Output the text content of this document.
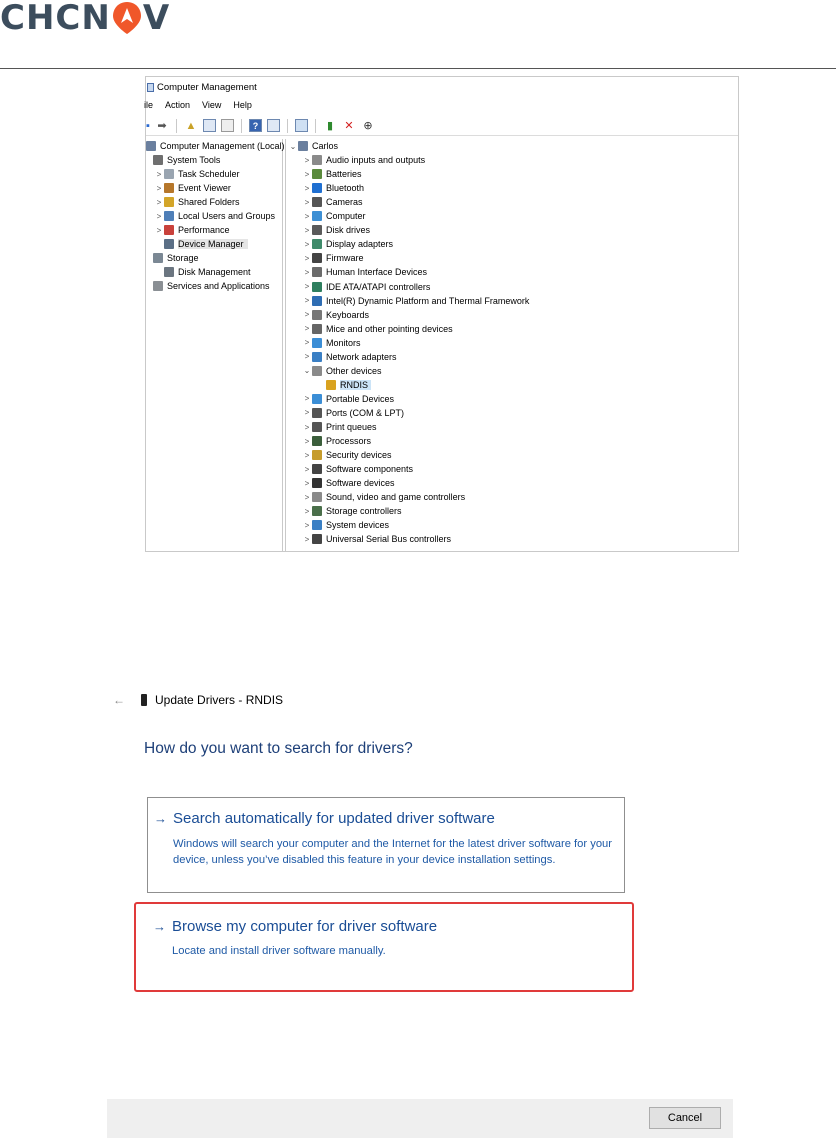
CHCN V
Computer Management
ile Action View Help
▪ ➡ ▲	?	▮	✕ ⊕
Computer Management (Local)
System Tools
> Task Scheduler
> Event Viewer
> Shared Folders
> Local Users and Groups
> Performance
Device Manager
Storage
Disk Management
Services and Applications
⌄ Carlos
> Audio inputs and outputs
> Batteries
> Bluetooth
> Cameras
> Computer
> Disk drives
> Display adapters
> Firmware
> Human Interface Devices
> IDE ATA/ATAPI controllers
> Intel(R) Dynamic Platform and Thermal Framework
> Keyboards
> Mice and other pointing devices
> Monitors
> Network adapters
⌄ Other devices
RNDIS
> Portable Devices
> Ports (COM & LPT)
> Print queues
> Processors
> Security devices
> Software components
> Software devices
> Sound, video and game controllers
> Storage controllers
> System devices
> Universal Serial Bus controllers
←	Update Drivers - RNDIS
How do you want to search for drivers?
→ Search automatically for updated driver software
Windows will search your computer and the Internet for the latest driver software for your device, unless you’ve disabled this feature in your device installation settings.
→ Browse my computer for driver software
Locate and install driver software manually.
Cancel
